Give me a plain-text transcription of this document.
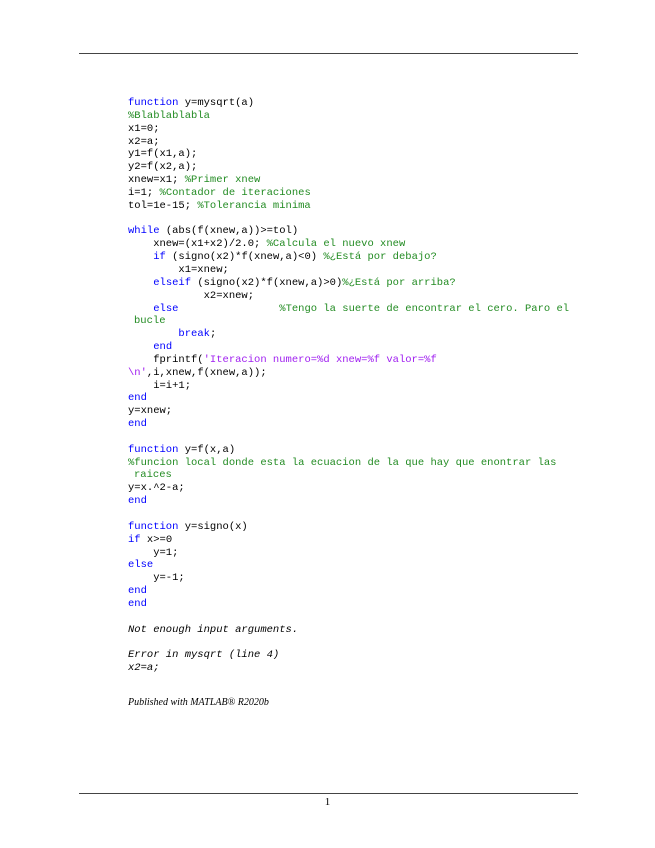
function y=mysqrt(a)
%Blablablabla
x1=0;
x2=a;
y1=f(x1,a);
y2=f(x2,a);
xnew=x1; %Primer xnew
i=1; %Contador de iteraciones
tol=1e-15; %Tolerancia minima

while (abs(f(xnew,a))>=tol)
xnew=(x1+x2)/2.0; %Calcula el nuevo xnew
if (signo(x2)*f(xnew,a)<0) %¿Está por debajo?
x1=xnew;
elseif (signo(x2)*f(xnew,a)>0)%¿Está por arriba?
x2=xnew;
else	%Tengo la suerte de encontrar el cero. Paro el
bucle
break;
end
fprintf('Iteracion numero=%d xnew=%f valor=%f
\n',i,xnew,f(xnew,a));
i=i+1;
end
y=xnew;
end

function y=f(x,a)
%funcion local donde esta la ecuacion de la que hay que enontrar las
raices
y=x.^2-a;
end

function y=signo(x)
if x>=0
y=1;
else
y=-1;
end
end

Not enough input arguments.

Error in mysqrt (line 4)
x2=a;
Published with MATLAB® R2020b
1
